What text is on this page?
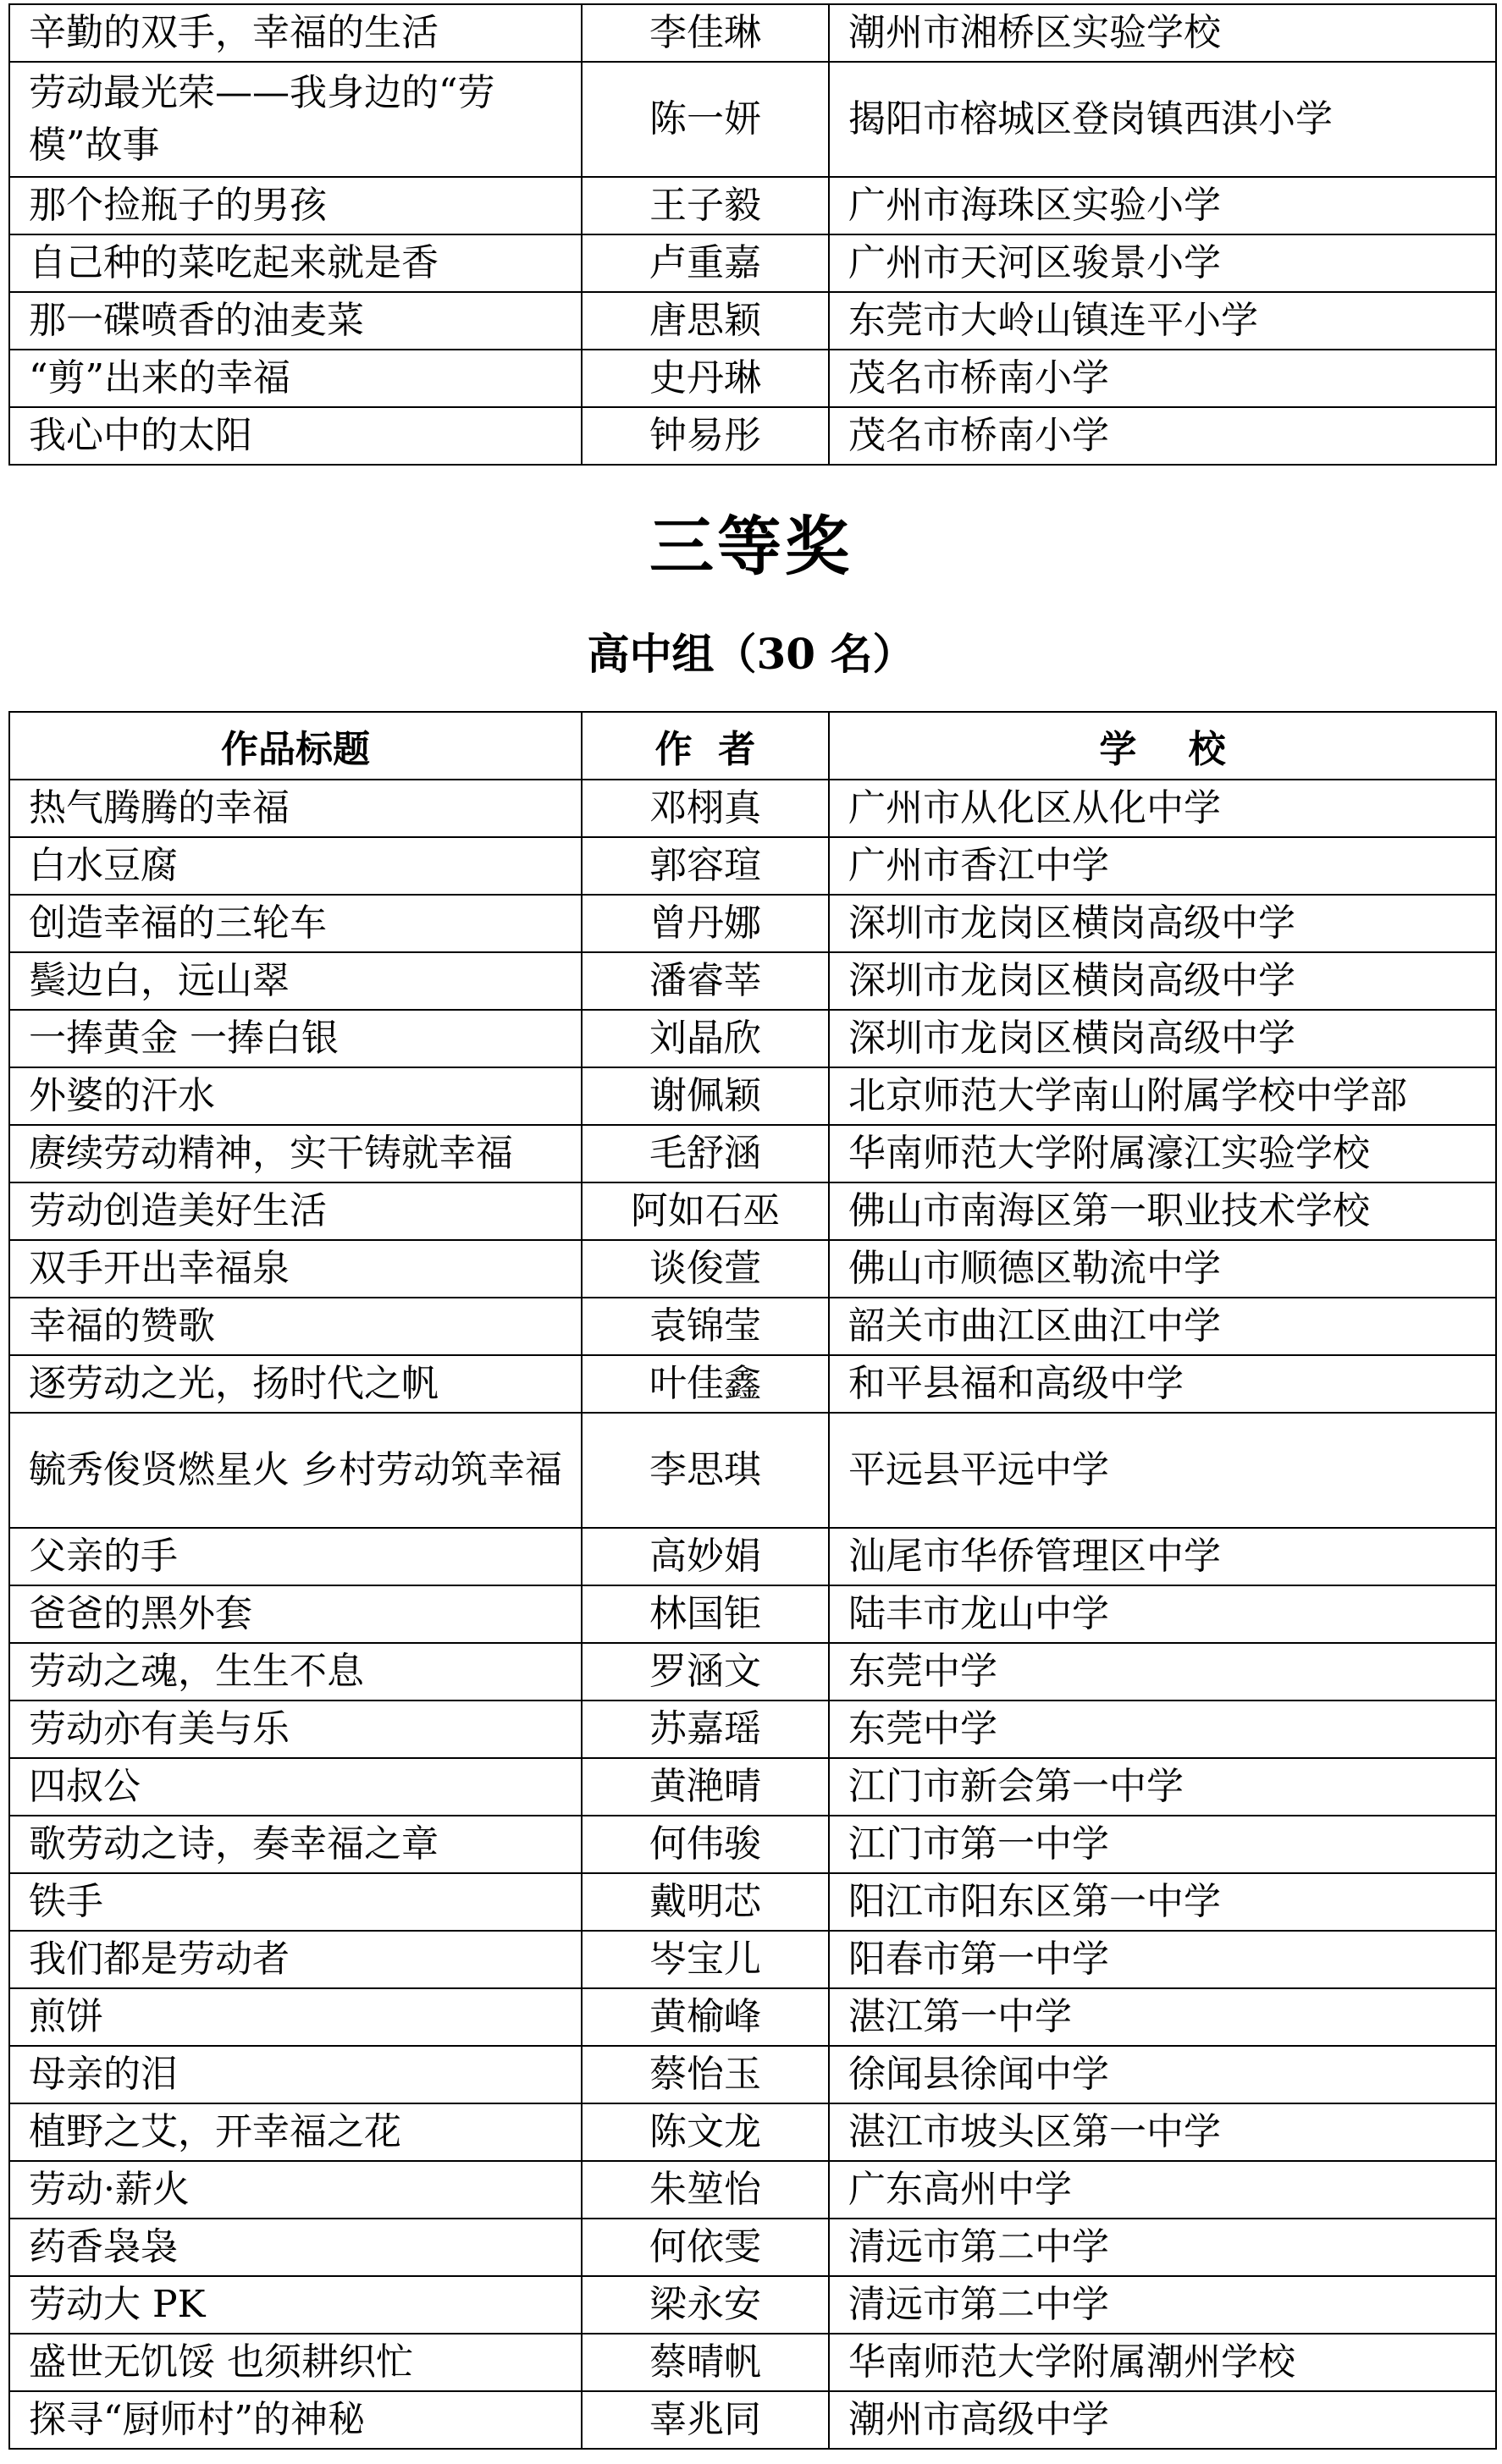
辛勤的双手，幸福的生活	李佳琳	潮州市湘桥区实验学校
劳动最光荣——我身边的“劳模”故事	陈一妍	揭阳市榕城区登岗镇西淇小学
那个捡瓶子的男孩	王子毅	广州市海珠区实验小学
自己种的菜吃起来就是香	卢重嘉	广州市天河区骏景小学
那一碟喷香的油麦菜	唐思颖	东莞市大岭山镇连平小学
“剪”出来的幸福	史丹琳	茂名市桥南小学
我心中的太阳	钟易彤	茂名市桥南小学
三等奖
高中组（30 名）
作品标题	作  者	学    校
热气腾腾的幸福	邓栩真	广州市从化区从化中学
白水豆腐	郭容瑄	广州市香江中学
创造幸福的三轮车	曾丹娜	深圳市龙岗区横岗高级中学
鬓边白，远山翠	潘睿莘	深圳市龙岗区横岗高级中学
一捧黄金 一捧白银	刘晶欣	深圳市龙岗区横岗高级中学
外婆的汗水	谢佩颖	北京师范大学南山附属学校中学部
赓续劳动精神，实干铸就幸福	毛舒涵	华南师范大学附属濠江实验学校
劳动创造美好生活	阿如石巫	佛山市南海区第一职业技术学校
双手开出幸福泉	谈俊萱	佛山市顺德区勒流中学
幸福的赞歌	袁锦莹	韶关市曲江区曲江中学
逐劳动之光，扬时代之帆	叶佳鑫	和平县福和高级中学
毓秀俊贤燃星火 乡村劳动筑幸福	李思琪	平远县平远中学
父亲的手	高妙娟	汕尾市华侨管理区中学
爸爸的黑外套	林国钜	陆丰市龙山中学
劳动之魂，生生不息	罗涵文	东莞中学
劳动亦有美与乐	苏嘉瑶	东莞中学
四叔公	黄滟晴	江门市新会第一中学
歌劳动之诗，奏幸福之章	何伟骏	江门市第一中学
铁手	戴明芯	阳江市阳东区第一中学
我们都是劳动者	岑宝儿	阳春市第一中学
煎饼	黄榆峰	湛江第一中学
母亲的泪	蔡怡玉	徐闻县徐闻中学
植野之艾，开幸福之花	陈文龙	湛江市坡头区第一中学
劳动·薪火	朱堃怡	广东高州中学
药香袅袅	何依雯	清远市第二中学
劳动大 PK	梁永安	清远市第二中学
盛世无饥馁 也须耕织忙	蔡晴帆	华南师范大学附属潮州学校
探寻“厨师村”的神秘	辜兆同	潮州市高级中学
